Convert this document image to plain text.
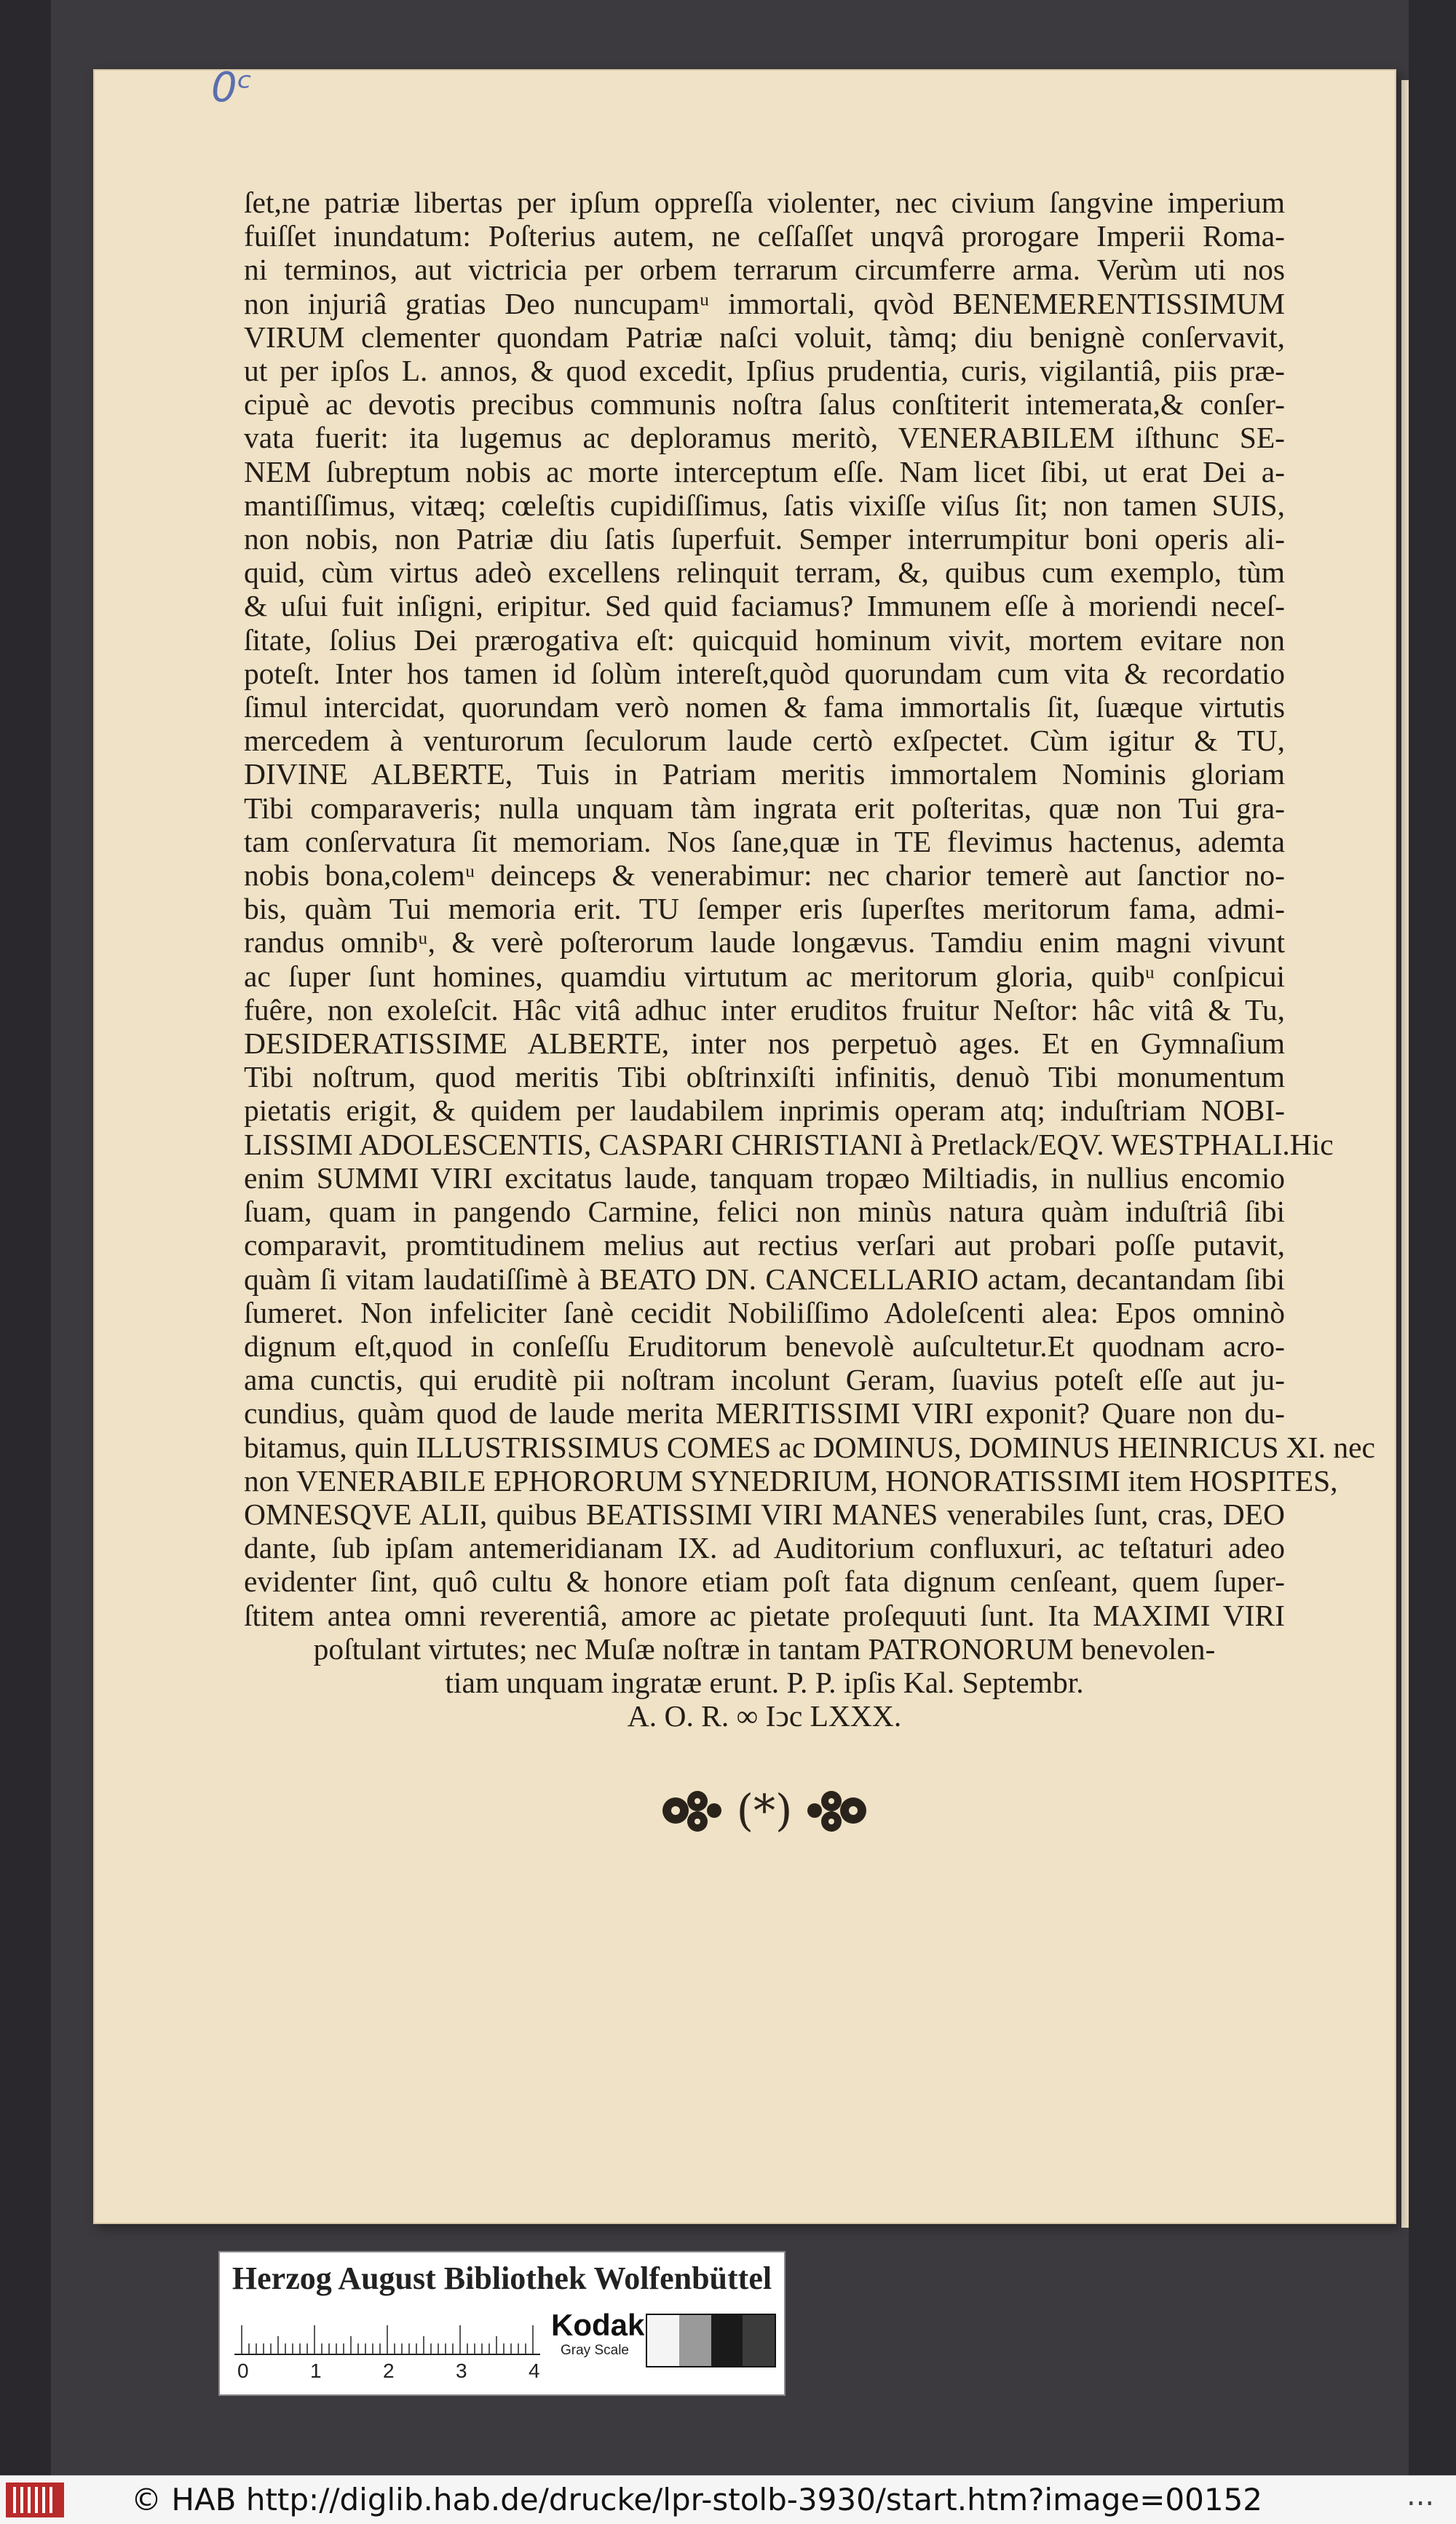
0ᶜ
ſet,ne patriæ libertas per ipſum oppreſſa violenter, nec civium ſangvine imperium
fuiſſet inundatum: Poſterius autem, ne ceſſaſſet unqvâ prorogare Imperii Roma-
ni terminos, aut victricia per orbem terrarum circumferre arma. Verùm uti nos
non injuriâ gratias Deo nuncupamᵘ immortali, qvòd BENEMERENTISSIMUM
VIRUM clementer quondam Patriæ naſci voluit, tàmq; diu benignè conſervavit,
ut per ipſos L. annos, & quod excedit, Ipſius prudentia, curis, vigilantiâ, piis præ-
cipuè ac devotis precibus communis noſtra ſalus conſtiterit intemerata,& conſer-
vata fuerit: ita lugemus ac deploramus meritò, VENERABILEM iſthunc SE-
NEM ſubreptum nobis ac morte interceptum eſſe. Nam licet ſibi, ut erat Dei a-
mantiſſimus, vitæq; cœleſtis cupidiſſimus, ſatis vixiſſe viſus ſit; non tamen SUIS,
non nobis, non Patriæ diu ſatis ſuperfuit. Semper interrumpitur boni operis ali-
quid, cùm virtus adeò excellens relinquit terram, &, quibus cum exemplo, tùm
& uſui fuit inſigni, eripitur. Sed quid faciamus? Immunem eſſe à moriendi neceſ-
ſitate, ſolius Dei prærogativa eſt: quicquid hominum vivit, mortem evitare non
poteſt. Inter hos tamen id ſolùm intereſt,quòd quorundam cum vita & recordatio
ſimul intercidat, quorundam verò nomen & fama immortalis ſit, ſuæque virtutis
mercedem à venturorum ſeculorum laude certò exſpectet. Cùm igitur & TU,
DIVINE ALBERTE, Tuis in Patriam meritis immortalem Nominis gloriam
Tibi comparaveris; nulla unquam tàm ingrata erit poſteritas, quæ non Tui gra-
tam conſervatura ſit memoriam. Nos ſane,quæ in TE flevimus hactenus, ademta
nobis bona,colemᵘ deinceps & venerabimur: nec charior temerè aut ſanctior no-
bis, quàm Tui memoria erit. TU ſemper eris ſuperſtes meritorum fama, admi-
randus omnibᵘ, & verè poſterorum laude longævus. Tamdiu enim magni vivunt
ac ſuper ſunt homines, quamdiu virtutum ac meritorum gloria, quibᵘ conſpicui
fuêre, non exoleſcit. Hâc vitâ adhuc inter eruditos fruitur Neſtor: hâc vitâ & Tu,
DESIDERATISSIME ALBERTE, inter nos perpetuò ages. Et en Gymnaſium
Tibi noſtrum, quod meritis Tibi obſtrinxiſti infinitis, denuò Tibi monumentum
pietatis erigit, & quidem per laudabilem inprimis operam atq; induſtriam NOBI-
LISSIMI ADOLESCENTIS, CASPARI CHRISTIANI à Pretlack/EQV. WESTPHALI.Hic
enim SUMMI VIRI excitatus laude, tanquam tropæo Miltiadis, in nullius encomio
ſuam, quam in pangendo Carmine, felici non minùs natura quàm induſtriâ ſibi
comparavit, promtitudinem melius aut rectius verſari aut probari poſſe putavit,
quàm ſi vitam laudatiſſimè à BEATO DN. CANCELLARIO actam, decantandam ſibi
ſumeret. Non infeliciter ſanè cecidit Nobiliſſimo Adoleſcenti alea: Epos omninò
dignum eſt,quod in conſeſſu Eruditorum benevolè auſcultetur.Et quodnam acro-
ama cunctis, qui eruditè pii noſtram incolunt Geram, ſuavius poteſt eſſe aut ju-
cundius, quàm quod de laude merita MERITISSIMI VIRI exponit? Quare non du-
bitamus, quin ILLUSTRISSIMUS COMES ac DOMINUS, DOMINUS HEINRICUS XI. nec
non VENERABILE EPHORORUM SYNEDRIUM, HONORATISSIMI item HOSPITES,
OMNESQVE ALII, quibus BEATISSIMI VIRI MANES venerabiles ſunt, cras, DEO
dante, ſub ipſam antemeridianam IX. ad Auditorium confluxuri, ac teſtaturi adeo
evidenter ſint, quô cultu & honore etiam poſt fata dignum cenſeant, quem ſuper-
ſtitem antea omni reverentiâ, amore ac pietate proſequuti ſunt. Ita MAXIMI VIRI
poſtulant virtutes; nec Muſæ noſtræ in tantam PATRONORUM benevolen-
tiam unquam ingratæ erunt. P. P. ipſis Kal. Septembr.
A. O. R. ∞ Iↄc LXXX.
(*)
Herzog August Bibliothek Wolfenbüttel
0	1	2	3	4
Kodak
Gray Scale
© HAB http://diglib.hab.de/drucke/lpr-stolb-3930/start.htm?image=00152	...
